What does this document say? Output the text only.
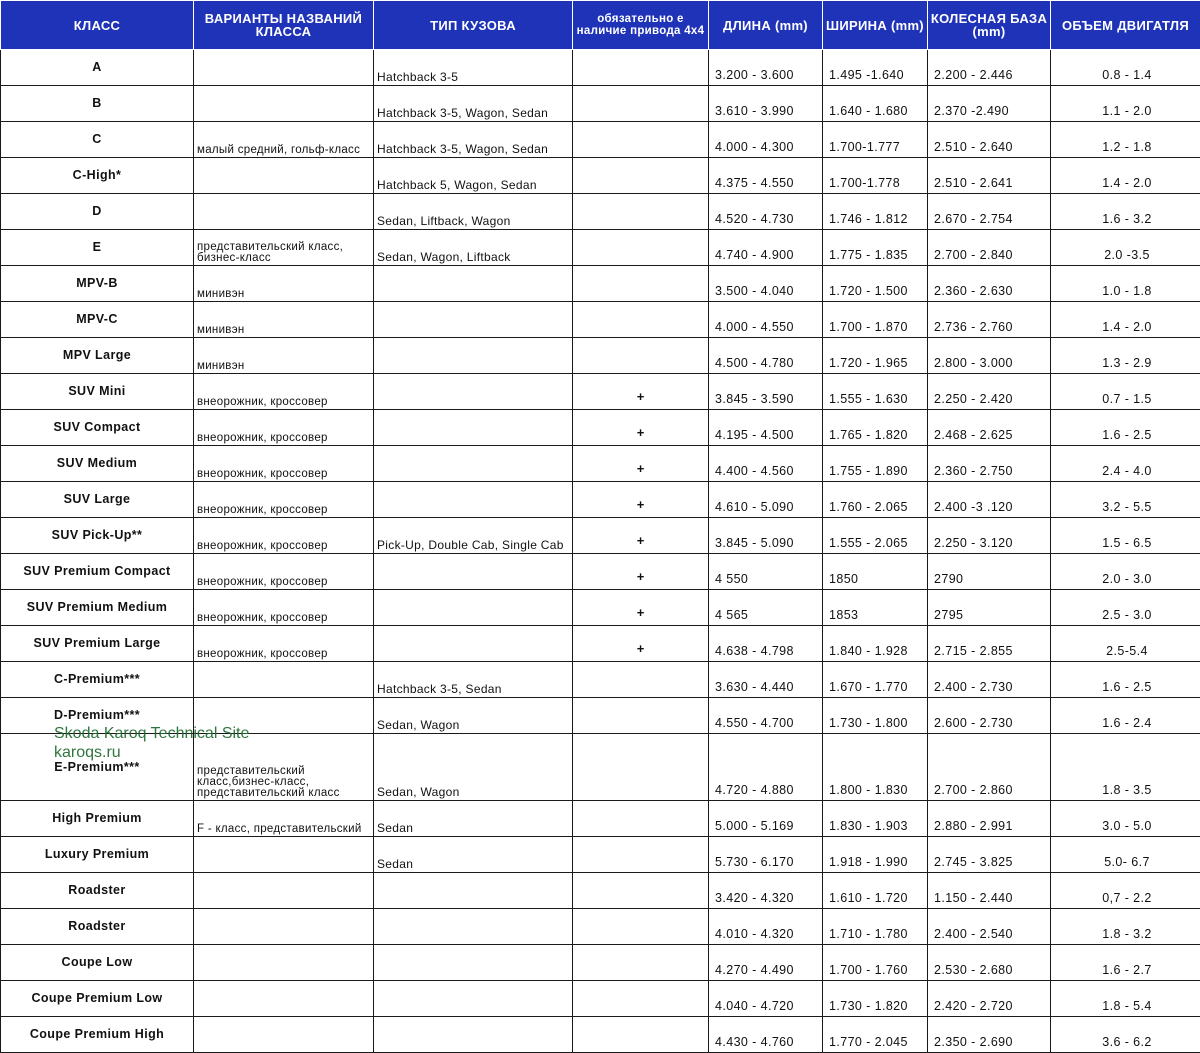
КЛАСС	ВАРИАНТЫ НАЗВАНИЙ КЛАССА	ТИП КУЗОВА	обязательно е наличие привода 4х4	ДЛИНА (mm)	ШИРИНА (mm)	КОЛЕСНАЯ БАЗА (mm)	ОБЪЕМ ДВИГАТЛЯ
A		Hatchback 3-5		3.200 - 3.600	1.495 -1.640	2.200 - 2.446	0.8 - 1.4
B		Hatchback 3-5, Wagon, Sedan		3.610 - 3.990	1.640 - 1.680	2.370 -2.490	1.1 - 2.0
C	малый средний, гольф-класс	Hatchback 3-5, Wagon, Sedan		4.000 - 4.300	1.700-1.777	2.510 - 2.640	1.2 - 1.8
C-High*		Hatchback 5, Wagon, Sedan		4.375 - 4.550	1.700-1.778	2.510 - 2.641	1.4 - 2.0
D		Sedan, Liftback, Wagon		4.520 - 4.730	1.746 - 1.812	2.670 - 2.754	1.6 - 3.2
E	представительский класс, бизнес-класс	Sedan, Wagon, Liftback		4.740 - 4.900	1.775 - 1.835	2.700 - 2.840	2.0 -3.5
MPV-B	минивэн			3.500 - 4.040	1.720 - 1.500	2.360 - 2.630	1.0 - 1.8
MPV-C	минивэн			4.000 - 4.550	1.700 - 1.870	2.736 - 2.760	1.4 - 2.0
MPV Large	минивэн			4.500 - 4.780	1.720 - 1.965	2.800 - 3.000	1.3 - 2.9
SUV Mini	внеорожник, кроссовер		+	3.845 - 3.590	1.555 - 1.630	2.250 - 2.420	0.7 - 1.5
SUV Compact	внеорожник, кроссовер		+	4.195 - 4.500	1.765 - 1.820	2.468 - 2.625	1.6 - 2.5
SUV Medium	внеорожник, кроссовер		+	4.400 - 4.560	1.755 - 1.890	2.360 - 2.750	2.4 - 4.0
SUV Large	внеорожник, кроссовер		+	4.610 - 5.090	1.760 - 2.065	2.400 -3 .120	3.2 - 5.5
SUV Pick-Up**	внеорожник, кроссовер	Pick-Up, Double Cab, Single Cab	+	3.845 - 5.090	1.555 - 2.065	2.250 - 3.120	1.5 - 6.5
SUV Premium Compact	внеорожник, кроссовер		+	4 550	1850	2790	2.0 - 3.0
SUV Premium Medium	внеорожник, кроссовер		+	4 565	1853	2795	2.5 - 3.0
SUV Premium Large	внеорожник, кроссовер		+	4.638 - 4.798	1.840 - 1.928	2.715 - 2.855	2.5-5.4
C-Premium***		Hatchback 3-5, Sedan		3.630 - 4.440	1.670 - 1.770	2.400 - 2.730	1.6 - 2.5
D-Premium***		Sedan, Wagon		4.550 - 4.700	1.730 - 1.800	2.600 - 2.730	1.6 - 2.4
E-Premium***	представительский класс,бизнес-класс, представительский класс	Sedan, Wagon		4.720 - 4.880	1.800 - 1.830	2.700 - 2.860	1.8 - 3.5
High Premium	F - класс, представительский	Sedan		5.000 - 5.169	1.830 - 1.903	2.880 - 2.991	3.0 - 5.0
Luxury Premium		Sedan		5.730 - 6.170	1.918 - 1.990	2.745 - 3.825	5.0- 6.7
Roadster				3.420 - 4.320	1.610 - 1.720	1.150 - 2.440	0,7 - 2.2
Roadster				4.010 - 4.320	1.710 - 1.780	2.400 - 2.540	1.8 - 3.2
Coupe Low				4.270 - 4.490	1.700 - 1.760	2.530 - 2.680	1.6 - 2.7
Coupe Premium Low				4.040 - 4.720	1.730 - 1.820	2.420 - 2.720	1.8 - 5.4
Coupe Premium High				4.430 - 4.760	1.770 - 2.045	2.350 - 2.690	3.6 - 6.2
Skoda Karoq Technical Site
karoqs.ru
